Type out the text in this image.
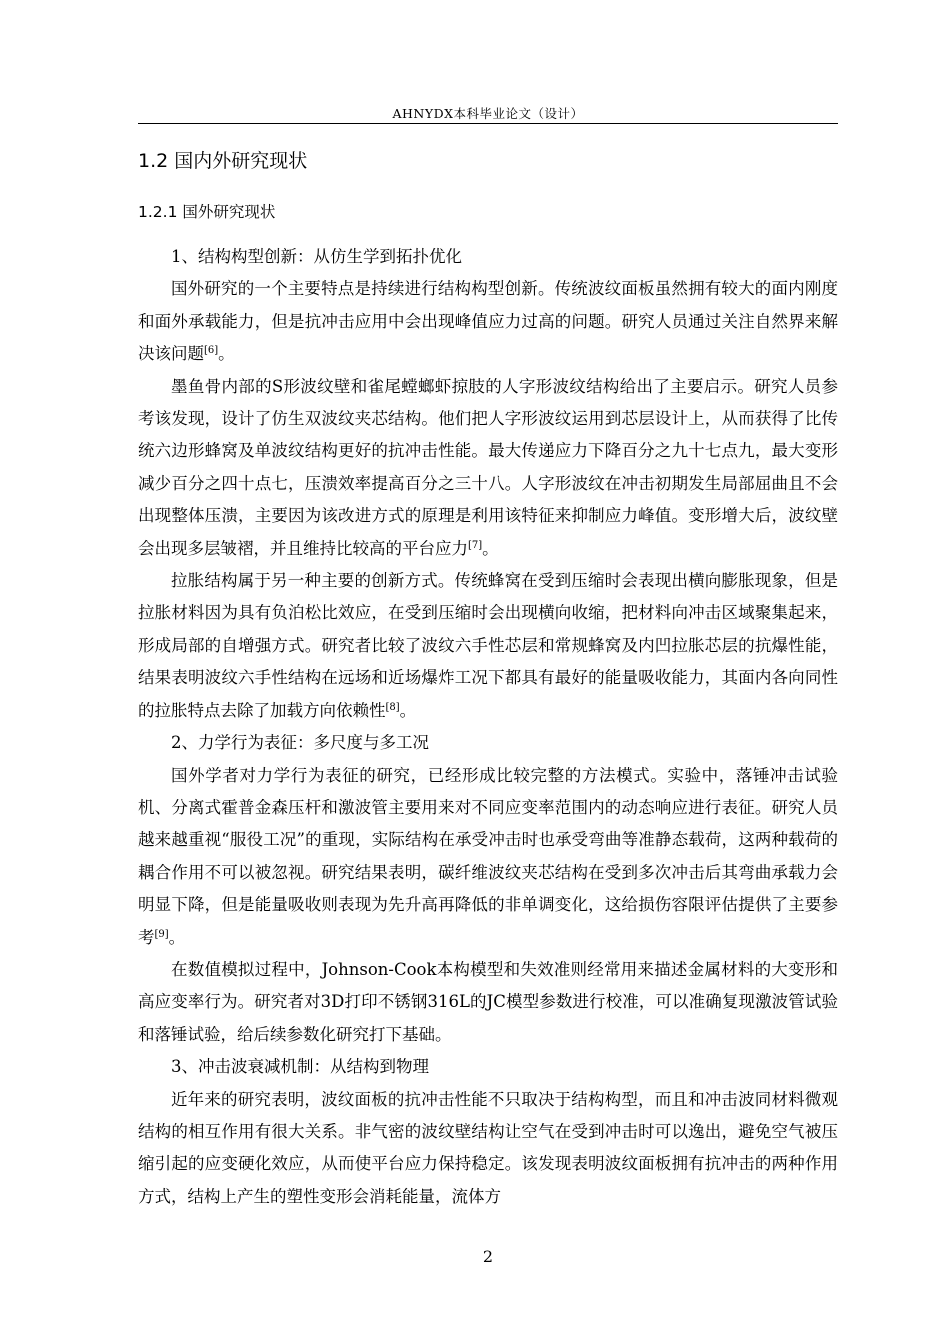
AHNYDX本科毕业论文（设计）
1.2 国内外研究现状
1.2.1 国外研究现状

1、结构构型创新：从仿生学到拓扑优化

国外研究的一个主要特点是持续进行结构构型创新。传统波纹面板虽然拥有较大的面内刚度和面外承载能力，但是抗冲击应用中会出现峰值应力过高的问题。研究人员通过关注自然界来解决该问题[6]。

墨鱼骨内部的S形波纹壁和雀尾螳螂虾掠肢的人字形波纹结构给出了主要启示。研究人员参考该发现，设计了仿生双波纹夹芯结构。他们把人字形波纹运用到芯层设计上，从而获得了比传统六边形蜂窝及单波纹结构更好的抗冲击性能。最大传递应力下降百分之九十七点九，最大变形减少百分之四十点七，压溃效率提高百分之三十八。人字形波纹在冲击初期发生局部屈曲且不会出现整体压溃，主要因为该改进方式的原理是利用该特征来抑制应力峰值。变形增大后，波纹壁会出现多层皱褶，并且维持比较高的平台应力[7]。

拉胀结构属于另一种主要的创新方式。传统蜂窝在受到压缩时会表现出横向膨胀现象，但是拉胀材料因为具有负泊松比效应，在受到压缩时会出现横向收缩，把材料向冲击区域聚集起来，形成局部的自增强方式。研究者比较了波纹六手性芯层和常规蜂窝及内凹拉胀芯层的抗爆性能，结果表明波纹六手性结构在远场和近场爆炸工况下都具有最好的能量吸收能力，其面内各向同性的拉胀特点去除了加载方向依赖性[8]。

2、力学行为表征：多尺度与多工况

国外学者对力学行为表征的研究，已经形成比较完整的方法模式。实验中，落锤冲击试验机、分离式霍普金森压杆和激波管主要用来对不同应变率范围内的动态响应进行表征。研究人员越来越重视“服役工况”的重现，实际结构在承受冲击时也承受弯曲等准静态载荷，这两种载荷的耦合作用不可以被忽视。研究结果表明，碳纤维波纹夹芯结构在受到多次冲击后其弯曲承载力会明显下降，但是能量吸收则表现为先升高再降低的非单调变化，这给损伤容限评估提供了主要参考[9]。

在数值模拟过程中，Johnson-Cook本构模型和失效准则经常用来描述金属材料的大变形和高应变率行为。研究者对3D打印不锈钢316L的JC模型参数进行校准，可以准确复现激波管试验和落锤试验，给后续参数化研究打下基础。

3、冲击波衰减机制：从结构到物理

近年来的研究表明，波纹面板的抗冲击性能不只取决于结构构型，而且和冲击波同材料微观结构的相互作用有很大关系。非气密的波纹壁结构让空气在受到冲击时可以逸出，避免空气被压缩引起的应变硬化效应，从而使平台应力保持稳定。该发现表明波纹面板拥有抗冲击的两种作用方式，结构上产生的塑性变形会消耗能量，流体方

2
